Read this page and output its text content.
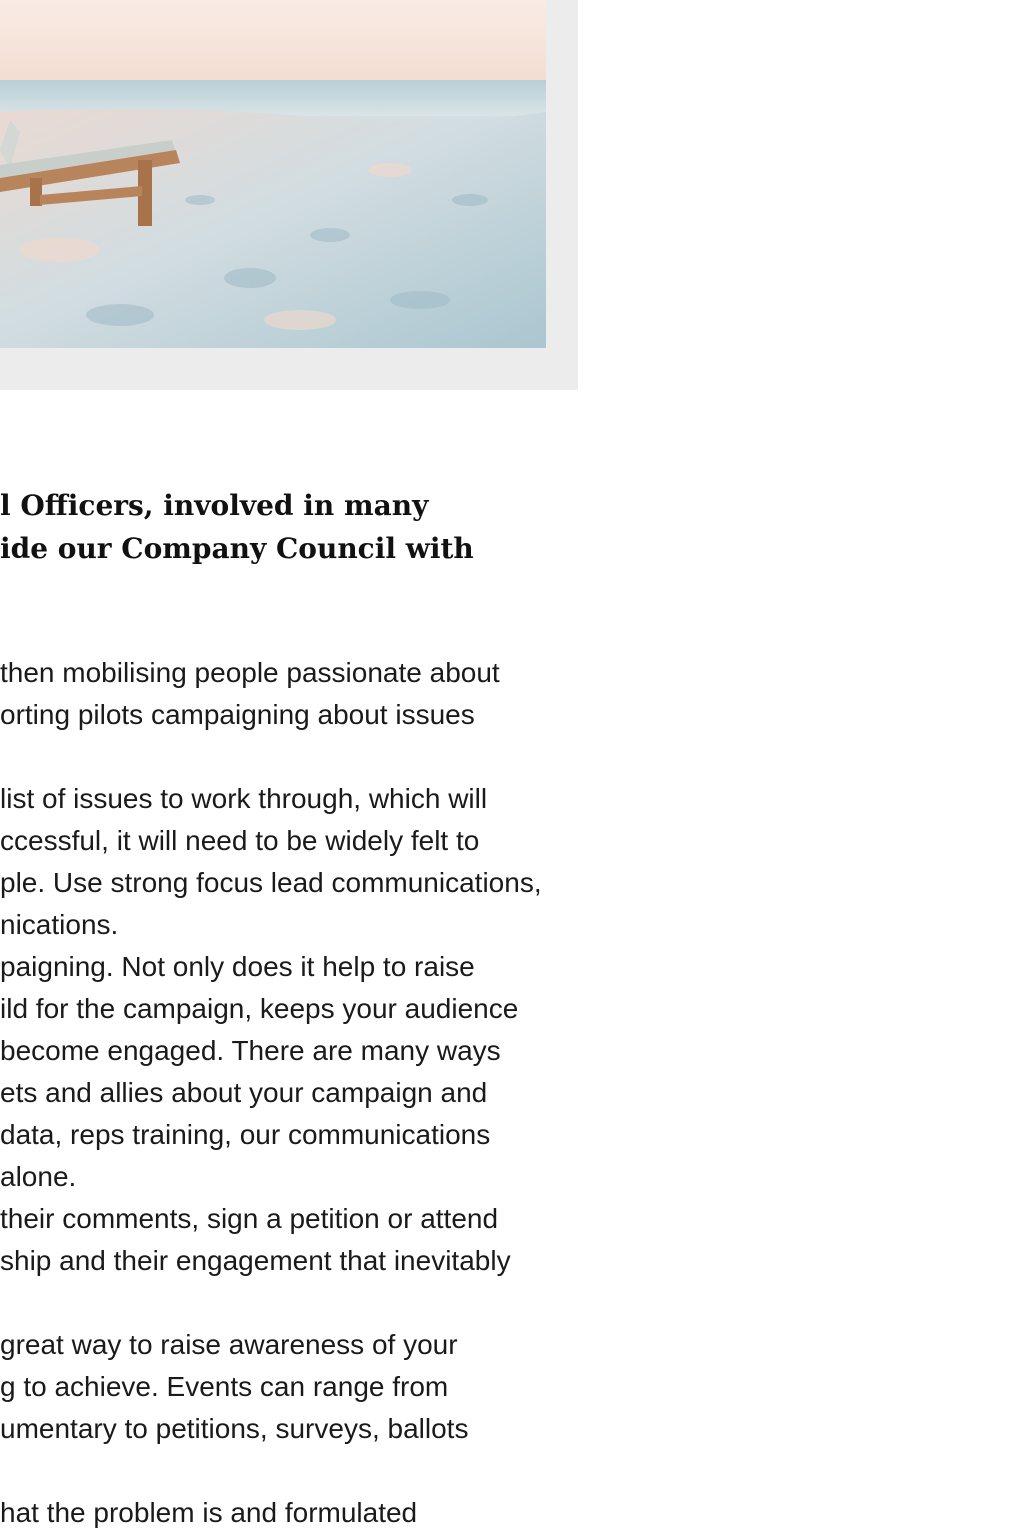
l Officers, involved in many
ide our Company Council with

then mobilising people passionate about
orting pilots campaigning about issues
list of issues to work through, which will
ccessful, it will need to be widely felt to
ple. Use strong focus lead communications,
nications.
paigning. Not only does it help to raise
ild for the campaign, keeps your audience
become engaged. There are many ways
ets and allies about your campaign and
data, reps training, our communications
alone.
their comments, sign a petition or attend
ship and their engagement that inevitably
great way to raise awareness of your
g to achieve. Events can range from
umentary to petitions, surveys, ballots
hat the problem is and formulated
